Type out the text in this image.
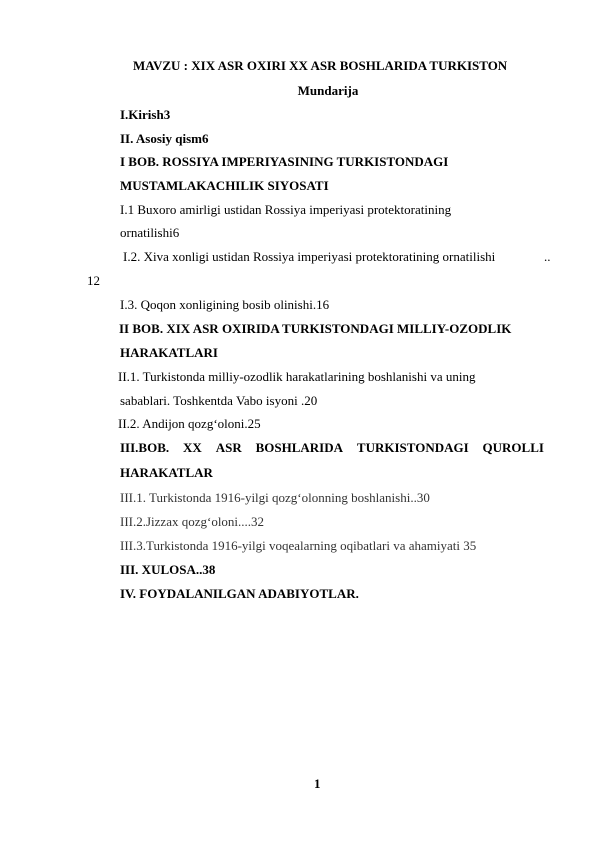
MAVZU : XIX ASR OXIRI XX ASR BOSHLARIDA TURKISTON
Mundarija
I.Kirish3
II. Asosiy qism6
I BOB. ROSSIYA IMPERIYASINING TURKISTONDAGI
MUSTAMLAKACHILIK SIYOSATI
I.1 Buxoro amirligi ustidan Rossiya imperiyasi protektoratining
ornatilishi6
I.2. Xiva xonligi ustidan Rossiya imperiyasi protektoratining ornatilishi	..
12
I.3. Qoqon xonligining bosib olinishi.16
II BOB. XIX ASR OXIRIDA TURKISTONDAGI MILLIY-OZODLIK
HARAKATLARI
II.1. Turkistonda milliy-ozodlik harakatlarining boshlanishi va uning
sabablari. Toshkentda Vabo isyoni .20
II.2. Andijon qozg‘oloni.25
III.BOB. XX ASR BOSHLARIDA TURKISTONDAGI QUROLLI
HARAKATLAR
III.1. Turkistonda 1916-yilgi qozg‘olonning boshlanishi..30
III.2.Jizzax qozg‘oloni....32
III.3.Turkistonda 1916-yilgi voqealarning oqibatlari va ahamiyati 35
III. XULOSA..38
IV. FOYDALANILGAN ADABIYOTLAR.
1
